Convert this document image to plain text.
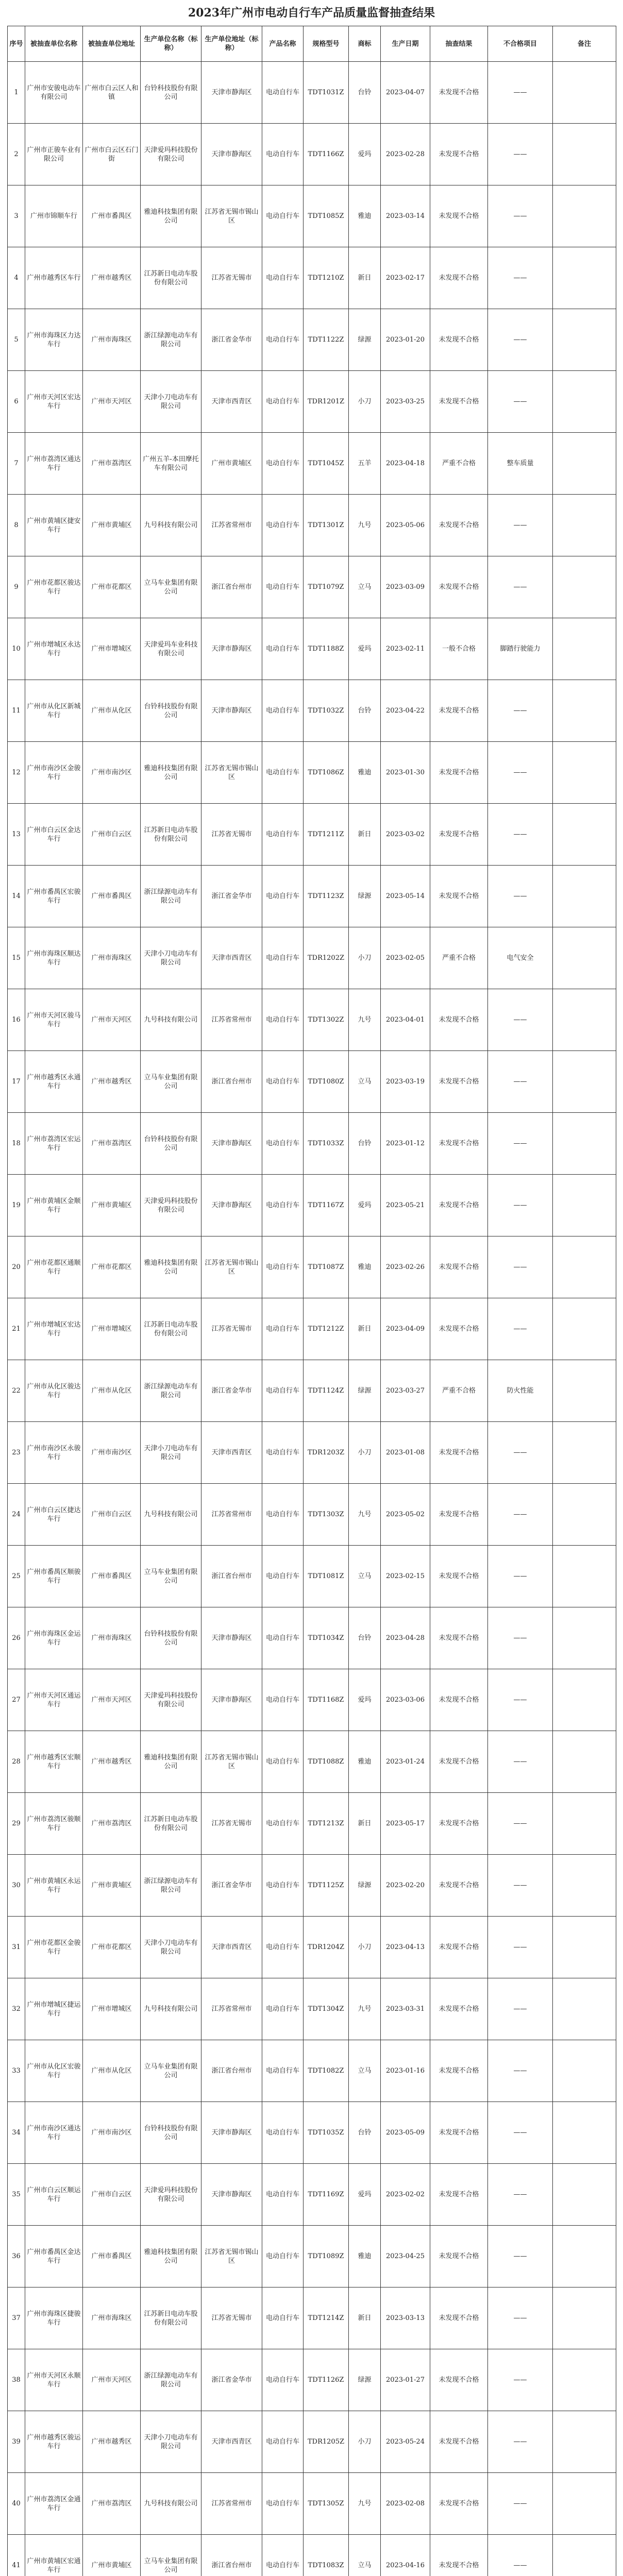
2023年广州市电动自行车产品质量监督抽查结果
序号	被抽查单位名称	被抽查单位地址	生产单位名称（标称）	生产单位地址（标称）	产品名称	规格型号	商标	生产日期	抽查结果	不合格项目	备注
1	广州市安骏电动车有限公司	广州市白云区人和镇	台铃科技股份有限公司	天津市静海区	电动自行车	TDT1031Z	台铃	2023-04-07	未发现不合格	——	
2	广州市正骏车业有限公司	广州市白云区石门街	天津爱玛科技股份有限公司	天津市静海区	电动自行车	TDT1166Z	爱玛	2023-02-28	未发现不合格	——	
3	广州市锦顺车行	广州市番禺区	雅迪科技集团有限公司	江苏省无锡市锡山区	电动自行车	TDT1085Z	雅迪	2023-03-14	未发现不合格	——	
4	广州市越秀区车行	广州市越秀区	江苏新日电动车股份有限公司	江苏省无锡市	电动自行车	TDT1210Z	新日	2023-02-17	未发现不合格	——	
5	广州市海珠区力达车行	广州市海珠区	浙江绿源电动车有限公司	浙江省金华市	电动自行车	TDT1122Z	绿源	2023-01-20	未发现不合格	——	
6	广州市天河区宏达车行	广州市天河区	天津小刀电动车有限公司	天津市西青区	电动自行车	TDR1201Z	小刀	2023-03-25	未发现不合格	——	
7	广州市荔湾区通达车行	广州市荔湾区	广州五羊-本田摩托车有限公司	广州市黄埔区	电动自行车	TDT1045Z	五羊	2023-04-18	严重不合格	整车质量	
8	广州市黄埔区捷安车行	广州市黄埔区	九号科技有限公司	江苏省常州市	电动自行车	TDT1301Z	九号	2023-05-06	未发现不合格	——	
9	广州市花都区骏达车行	广州市花都区	立马车业集团有限公司	浙江省台州市	电动自行车	TDT1079Z	立马	2023-03-09	未发现不合格	——	
10	广州市增城区永达车行	广州市增城区	天津爱玛车业科技有限公司	天津市静海区	电动自行车	TDT1188Z	爱玛	2023-02-11	一般不合格	脚踏行驶能力	
11	广州市从化区新城车行	广州市从化区	台铃科技股份有限公司	天津市静海区	电动自行车	TDT1032Z	台铃	2023-04-22	未发现不合格	——	
12	广州市南沙区金骏车行	广州市南沙区	雅迪科技集团有限公司	江苏省无锡市锡山区	电动自行车	TDT1086Z	雅迪	2023-01-30	未发现不合格	——	
13	广州市白云区金达车行	广州市白云区	江苏新日电动车股份有限公司	江苏省无锡市	电动自行车	TDT1211Z	新日	2023-03-02	未发现不合格	——	
14	广州市番禺区宏骏车行	广州市番禺区	浙江绿源电动车有限公司	浙江省金华市	电动自行车	TDT1123Z	绿源	2023-05-14	未发现不合格	——	
15	广州市海珠区顺达车行	广州市海珠区	天津小刀电动车有限公司	天津市西青区	电动自行车	TDR1202Z	小刀	2023-02-05	严重不合格	电气安全	
16	广州市天河区骏马车行	广州市天河区	九号科技有限公司	江苏省常州市	电动自行车	TDT1302Z	九号	2023-04-01	未发现不合格	——	
17	广州市越秀区永通车行	广州市越秀区	立马车业集团有限公司	浙江省台州市	电动自行车	TDT1080Z	立马	2023-03-19	未发现不合格	——	
18	广州市荔湾区宏运车行	广州市荔湾区	台铃科技股份有限公司	天津市静海区	电动自行车	TDT1033Z	台铃	2023-01-12	未发现不合格	——	
19	广州市黄埔区金顺车行	广州市黄埔区	天津爱玛科技股份有限公司	天津市静海区	电动自行车	TDT1167Z	爱玛	2023-05-21	未发现不合格	——	
20	广州市花都区通顺车行	广州市花都区	雅迪科技集团有限公司	江苏省无锡市锡山区	电动自行车	TDT1087Z	雅迪	2023-02-26	未发现不合格	——	
21	广州市增城区宏达车行	广州市增城区	江苏新日电动车股份有限公司	江苏省无锡市	电动自行车	TDT1212Z	新日	2023-04-09	未发现不合格	——	
22	广州市从化区骏达车行	广州市从化区	浙江绿源电动车有限公司	浙江省金华市	电动自行车	TDT1124Z	绿源	2023-03-27	严重不合格	防火性能	
23	广州市南沙区永骏车行	广州市南沙区	天津小刀电动车有限公司	天津市西青区	电动自行车	TDR1203Z	小刀	2023-01-08	未发现不合格	——	
24	广州市白云区捷达车行	广州市白云区	九号科技有限公司	江苏省常州市	电动自行车	TDT1303Z	九号	2023-05-02	未发现不合格	——	
25	广州市番禺区顺骏车行	广州市番禺区	立马车业集团有限公司	浙江省台州市	电动自行车	TDT1081Z	立马	2023-02-15	未发现不合格	——	
26	广州市海珠区金运车行	广州市海珠区	台铃科技股份有限公司	天津市静海区	电动自行车	TDT1034Z	台铃	2023-04-28	未发现不合格	——	
27	广州市天河区通运车行	广州市天河区	天津爱玛科技股份有限公司	天津市静海区	电动自行车	TDT1168Z	爱玛	2023-03-06	未发现不合格	——	
28	广州市越秀区宏顺车行	广州市越秀区	雅迪科技集团有限公司	江苏省无锡市锡山区	电动自行车	TDT1088Z	雅迪	2023-01-24	未发现不合格	——	
29	广州市荔湾区骏顺车行	广州市荔湾区	江苏新日电动车股份有限公司	江苏省无锡市	电动自行车	TDT1213Z	新日	2023-05-17	未发现不合格	——	
30	广州市黄埔区永运车行	广州市黄埔区	浙江绿源电动车有限公司	浙江省金华市	电动自行车	TDT1125Z	绿源	2023-02-20	未发现不合格	——	
31	广州市花都区金骏车行	广州市花都区	天津小刀电动车有限公司	天津市西青区	电动自行车	TDR1204Z	小刀	2023-04-13	未发现不合格	——	
32	广州市增城区捷运车行	广州市增城区	九号科技有限公司	江苏省常州市	电动自行车	TDT1304Z	九号	2023-03-31	未发现不合格	——	
33	广州市从化区宏骏车行	广州市从化区	立马车业集团有限公司	浙江省台州市	电动自行车	TDT1082Z	立马	2023-01-16	未发现不合格	——	
34	广州市南沙区通达车行	广州市南沙区	台铃科技股份有限公司	天津市静海区	电动自行车	TDT1035Z	台铃	2023-05-09	未发现不合格	——	
35	广州市白云区顺运车行	广州市白云区	天津爱玛科技股份有限公司	天津市静海区	电动自行车	TDT1169Z	爱玛	2023-02-02	未发现不合格	——	
36	广州市番禺区金达车行	广州市番禺区	雅迪科技集团有限公司	江苏省无锡市锡山区	电动自行车	TDT1089Z	雅迪	2023-04-25	未发现不合格	——	
37	广州市海珠区捷骏车行	广州市海珠区	江苏新日电动车股份有限公司	江苏省无锡市	电动自行车	TDT1214Z	新日	2023-03-13	未发现不合格	——	
38	广州市天河区永顺车行	广州市天河区	浙江绿源电动车有限公司	浙江省金华市	电动自行车	TDT1126Z	绿源	2023-01-27	未发现不合格	——	
39	广州市越秀区骏运车行	广州市越秀区	天津小刀电动车有限公司	天津市西青区	电动自行车	TDR1205Z	小刀	2023-05-24	未发现不合格	——	
40	广州市荔湾区金通车行	广州市荔湾区	九号科技有限公司	江苏省常州市	电动自行车	TDT1305Z	九号	2023-02-08	未发现不合格	——	
41	广州市黄埔区宏通车行	广州市黄埔区	立马车业集团有限公司	浙江省台州市	电动自行车	TDT1083Z	立马	2023-04-16	未发现不合格	——	
